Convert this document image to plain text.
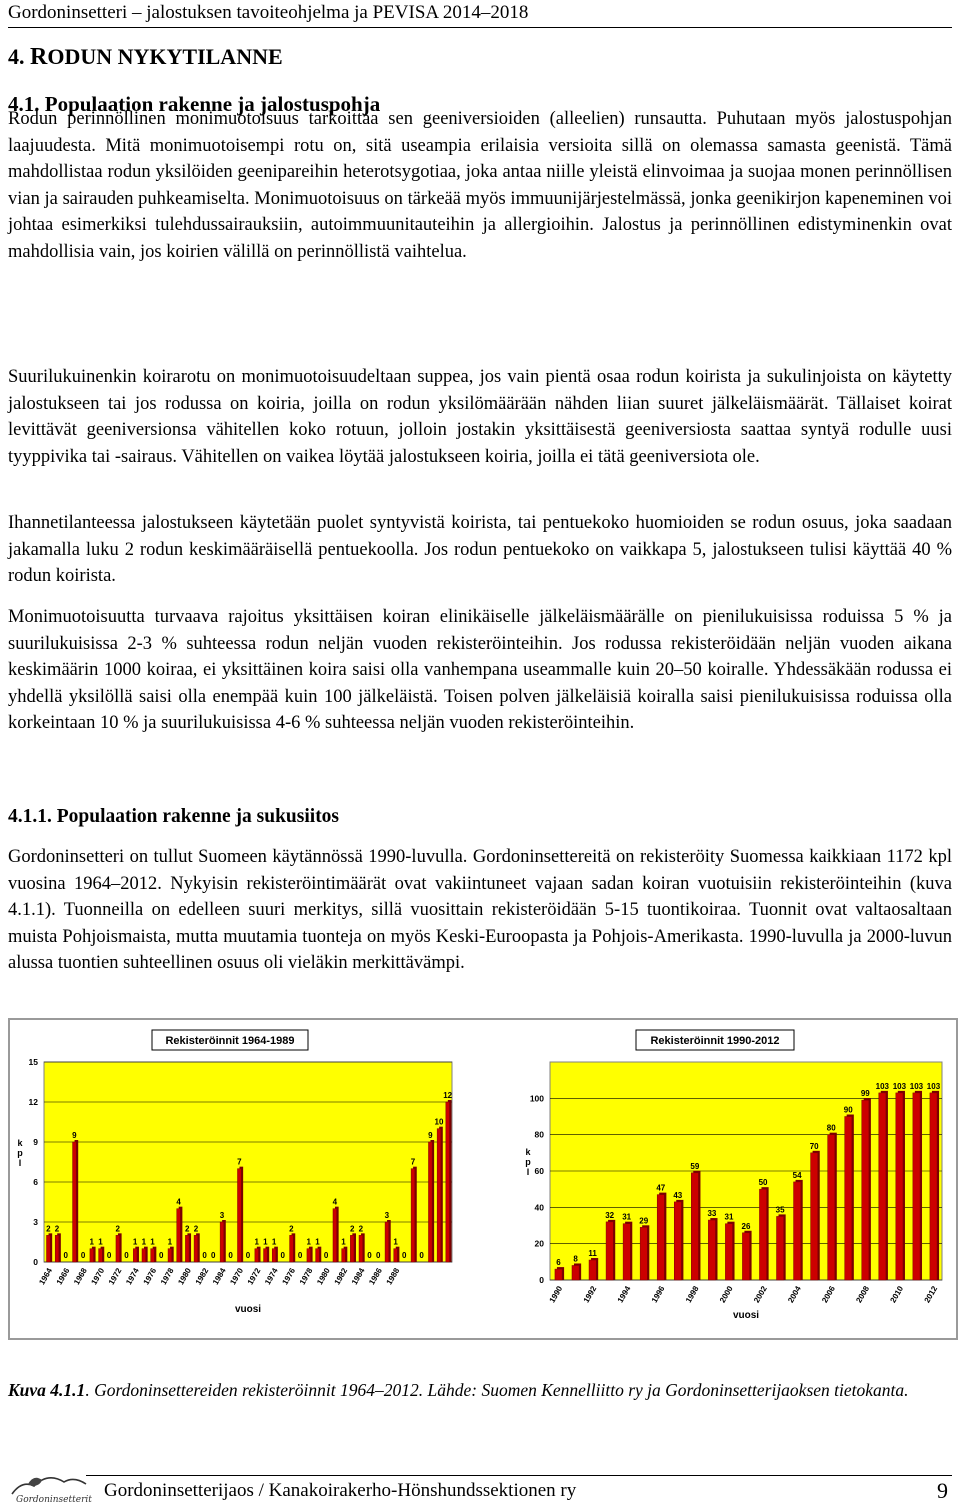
Gordoninsetteri – jalostuksen tavoiteohjelma ja PEVISA 2014–2018
4. RODUN NYKYTILANNE
4.1. Populaation rakenne ja jalostuspohja

Rodun perinnöllinen monimuotoisuus tarkoittaa sen geeniversioiden (alleelien) runsautta. Puhutaan myös jalostuspohjan laajuudesta. Mitä monimuotoisempi rotu on, sitä useampia erilaisia versioita sillä on olemassa samasta geenistä. Tämä mahdollistaa rodun yksilöiden geenipareihin heterotsygotiaa, joka antaa niille yleistä elinvoimaa ja suojaa monen perinnöllisen vian ja sairauden puhkeamiselta. Monimuotoisuus on tärkeää myös immuunijärjestelmässä, jonka geenikirjon kapeneminen voi johtaa esimerkiksi tulehdussairauksiin, autoimmuunitauteihin ja allergioihin. Jalostus ja perinnöllinen edistyminenkin ovat mahdollisia vain, jos koirien välillä on perinnöllistä vaihtelua.

Suurilukuinenkin koirarotu on monimuotoisuudeltaan suppea, jos vain pientä osaa rodun koirista ja sukulinjoista on käytetty jalostukseen tai jos rodussa on koiria, joilla on rodun yksilömäärään nähden liian suuret jälkeläismäärät. Tällaiset koirat levittävät geeniversionsa vähitellen koko rotuun, jolloin jostakin yksittäisestä geeniversiosta saattaa syntyä rodulle uusi tyyppivika tai -sairaus. Vähitellen on vaikea löytää jalostukseen koiria, joilla ei tätä geeniversiota ole.

Ihannetilanteessa jalostukseen käytetään puolet syntyvistä koirista, tai pentuekoko huomioiden se rodun osuus, joka saadaan jakamalla luku 2 rodun keskimääräisellä pentuekoolla. Jos rodun pentuekoko on vaikkapa 5, jalostukseen tulisi käyttää 40 % rodun koirista.

Monimuotoisuutta turvaava rajoitus yksittäisen koiran elinikäiselle jälkeläismäärälle on pienilukuisissa roduissa 5 % ja suurilukuisissa 2-3 % suhteessa rodun neljän vuoden rekisteröinteihin. Jos rodussa rekisteröidään neljän vuoden aikana keskimäärin 1000 koiraa, ei yksittäinen koira saisi olla vanhempana useammalle kuin 20–50 koiralle. Yhdessäkään rodussa ei yhdellä yksilöllä saisi olla enempää kuin 100 jälkeläistä. Toisen polven jälkeläisiä koiralla saisi pienilukuisissa roduissa olla korkeintaan 10 % ja suurilukuisissa 4-6 % suhteessa neljän vuoden rekisteröinteihin.

4.1.1. Populaation rakenne ja sukusiitos

Gordoninsetteri on tullut Suomeen käytännössä 1990-luvulla. Gordoninsettereitä on rekisteröity Suomessa kaikkiaan 1172 kpl vuosina 1964–2012. Nykyisin rekisteröintimäärät ovat vakiintuneet vajaan sadan koiran vuotuisiin rekisteröinteihin (kuva 4.1.1). Tuonneilla on edelleen suuri merkitys, sillä vuosittain rekisteröidään 5-15 tuontikoiraa. Tuonnit ovat valtaosaltaan muista Pohjoismaista, mutta muutamia tuonteja on myös Keski-Euroopasta ja Pohjois-Amerikasta. 1990-luvulla ja 2000-luvun alussa tuontien suhteellinen osuus oli vieläkin merkittävämpi.

Rekisteröinnit 1964-1989
0
3
6
9
12
15
k
p
l
2 2
0
9
0
1 1
0
2
0
1 1 1
0
1
4
2 2
0 0
3
0
7
0
1 1 1
0
2
0
1 1
0
4
1
2 2
0 0
3
1
0
7
0
9
10
12
1964 1966 1968 1970 1972 1974 1976 1978 1980 1982 1984 1970 1972 1974 1976 1978 1980 1982 1984 1986 1988
vuosi
Rekisteröinnit 1990-2012
0
20
40
60
80
100
k
p
l
6 8
11
32 31 29
47
43
59
33 31
26
50
35
54
70
80
90
99
103 103 103 103
1990 1992 1994 1996 1998 2000 2002 2004 2006 2008 2010 2012
vuosi
Kuva 4.1.1. Gordoninsettereiden rekisteröinnit 1964–2012. Lähde: Suomen Kennelliitto ry ja Gordoninsetterijaoksen tietokanta.
Gordoninsetterit Gordoninsetterijaos / Kanakoirakerho-Hönshundssektionen ry	9
